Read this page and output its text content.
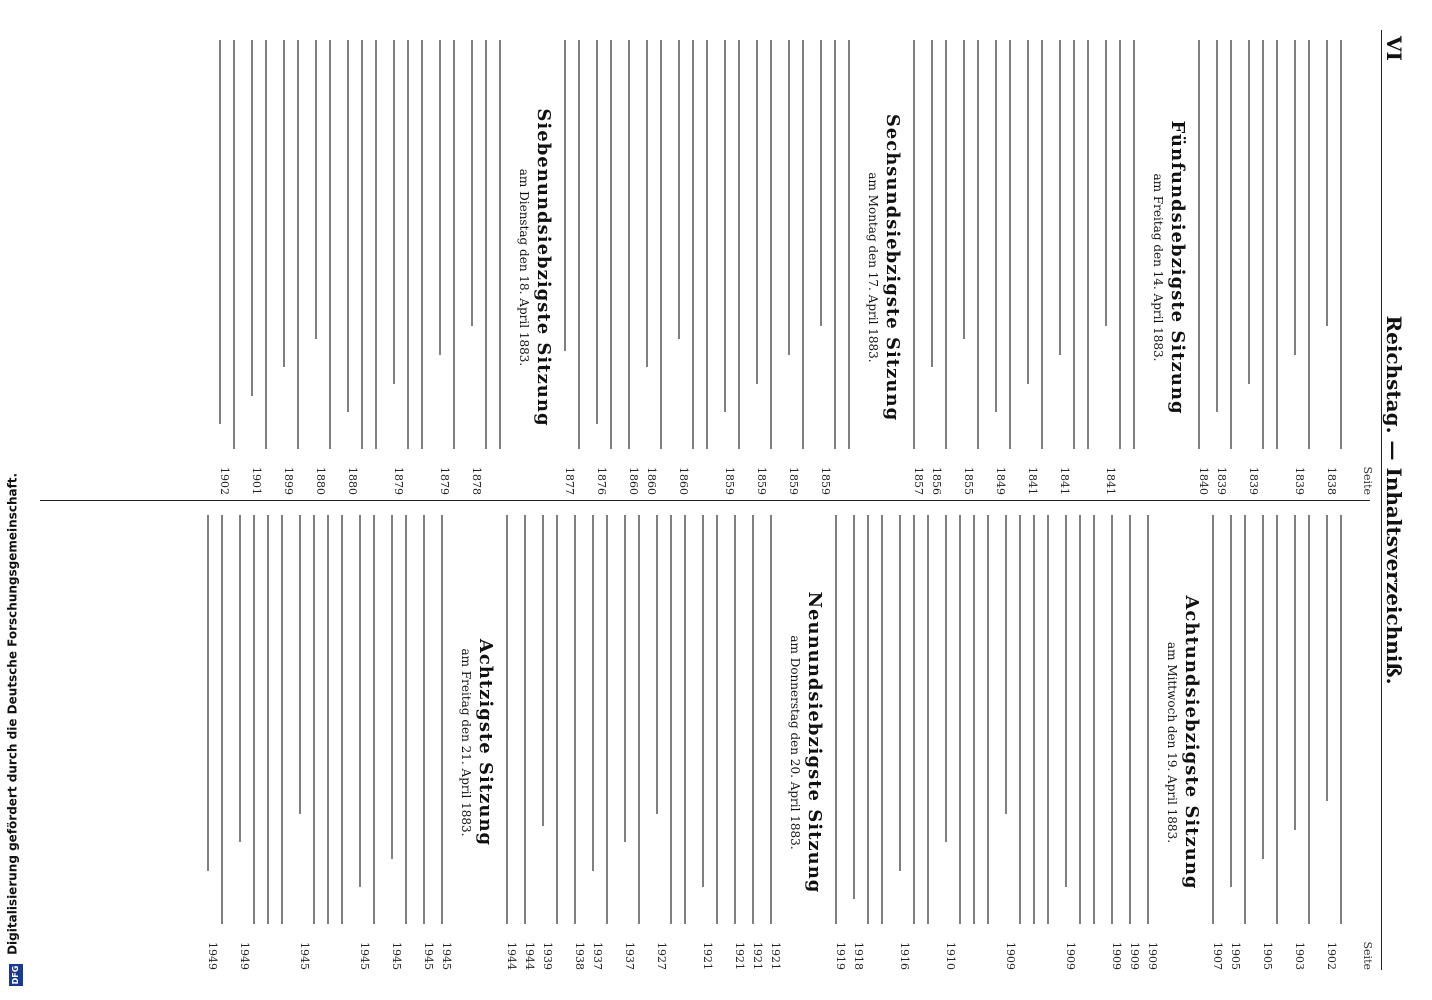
VI
Reichstag. — Inhaltsverzeichniß.
Seite
1838
1839
1839
1839
1840
Fünfundsiebzigste Sitzung
am Freitag den 14. April 1883.
1841
1841
1841
1849
1855
1856
1857
Sechsundsiebzigste Sitzung
am Montag den 17. April 1883.
1859
1859
1859
1859
1860
1860
1860
1876
1877
Siebenundsiebzigste Sitzung
am Dienstag den 18. April 1883.
1878
1879
1879
1880
1880
1899
1901
1902
Seite
1902
1903
1905
1905
1907
Achtundsiebzigste Sitzung
am Mittwoch den 19. April 1883.
1909
1909
1909
1909
1909
1910
1916
1918
1919
Neunundsiebzigste Sitzung
am Donnerstag den 20. April 1883.
1921
1921
1921
1921
1927
1937
1937
1938
1939
1944
1944
Achtzigste Sitzung
am Freitag den 21. April 1883.
1945
1945
1945
1945
1945
1949
1949
DFG Digitalisierung gefördert durch die Deutsche Forschungsgemeinschaft.
